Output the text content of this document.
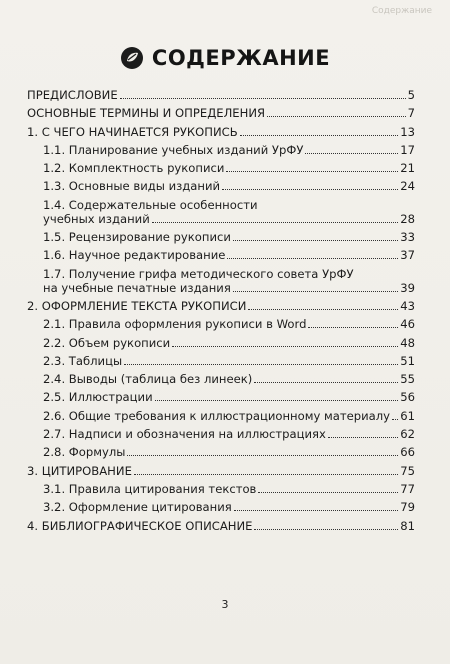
Содержание
СОДЕРЖАНИЕ
ПРЕДИСЛОВИЕ	5
ОСНОВНЫЕ ТЕРМИНЫ И ОПРЕДЕЛЕНИЯ	7
1. С ЧЕГО НАЧИНАЕТСЯ РУКОПИСЬ	13
1.1. Планирование учебных изданий УрФУ	17
1.2. Комплектность рукописи	21
1.3. Основные виды изданий	24
1.4. Содержательные особенности
учебных изданий	28
1.5. Рецензирование рукописи	33
1.6. Научное редактирование	37
1.7. Получение грифа методического совета УрФУ
на учебные печатные издания	39
2. ОФОРМЛЕНИЕ ТЕКСТА РУКОПИСИ	43
2.1. Правила оформления рукописи в Word	46
2.2. Объем рукописи	48
2.3. Таблицы	51
2.4. Выводы (таблица без линеек)	55
2.5. Иллюстрации	56
2.6. Общие требования к иллюстрационному материалу 61
2.7. Надписи и обозначения на иллюстрациях	62
2.8. Формулы	66
3. ЦИТИРОВАНИЕ	75
3.1. Правила цитирования текстов	77
3.2. Оформление цитирования	79
4. БИБЛИОГРАФИЧЕСКОЕ ОПИСАНИЕ	81
3
